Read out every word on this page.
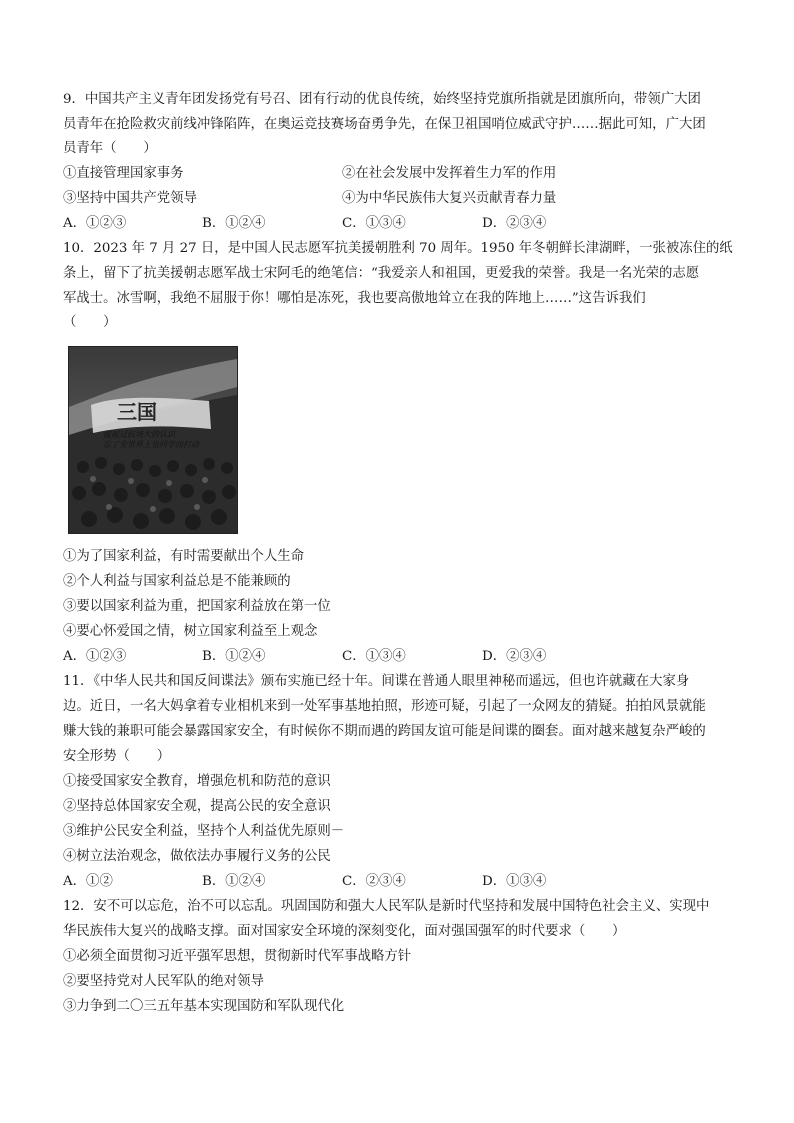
9．中国共产主义青年团发扬党有号召、团有行动的优良传统，始终坚持党旗所指就是团旗所向，带领广大团
员青年在抢险救灾前线冲锋陷阵，在奥运竞技赛场奋勇争先，在保卫祖国哨位威武守护……据此可知，广大团
员青年（　　）
①直接管理国家事务	②在社会发展中发挥着生力军的作用
③坚持中国共产党领导	④为中华民族伟大复兴贡献青春力量
A．①②③	B．①②④	C．①③④	D．②③④
10．2023 年 7 月 27 日，是中国人民志愿军抗美援朝胜利 70 周年。1950 年冬朝鲜长津湖畔，一张被冻住的纸
条上，留下了抗美援朝志愿军战士宋阿毛的绝笔信：“我爱亲人和祖国，更爱我的荣誉。我是一名光荣的志愿
军战士。冰雪啊，我绝不屈服于你！哪怕是冻死，我也要高傲地耸立在我的阵地上……”这告诉我们
（　　）
三国
提起过抗场大的认识
忘了全世界上也同学而打动
①为了国家利益，有时需要献出个人生命
②个人利益与国家利益总是不能兼顾的
③要以国家利益为重，把国家利益放在第一位
④要心怀爱国之情，树立国家利益至上观念
A．①②③	B．①②④	C．①③④	D．②③④
11．《中华人民共和国反间谍法》颁布实施已经十年。间谍在普通人眼里神秘而遥远，但也许就藏在大家身
边。近日，一名大妈拿着专业相机来到一处军事基地拍照，形迹可疑，引起了一众网友的猜疑。拍拍风景就能
赚大钱的兼职可能会暴露国家安全，有时候你不期而遇的跨国友谊可能是间谍的圈套。面对越来越复杂严峻的
安全形势（　　）
①接受国家安全教育，增强危机和防范的意识
②坚持总体国家安全观，提高公民的安全意识
③维护公民安全利益，坚持个人利益优先原则－
④树立法治观念，做依法办事履行义务的公民
A．①②	B．①②④	C．②③④	D．①③④
12．安不可以忘危，治不可以忘乱。巩固国防和强大人民军队是新时代坚持和发展中国特色社会主义、实现中
华民族伟大复兴的战略支撑。面对国家安全环境的深刻变化，面对强国强军的时代要求（　　）
①必须全面贯彻习近平强军思想，贯彻新时代军事战略方针
②要坚持党对人民军队的绝对领导
③力争到二〇三五年基本实现国防和军队现代化
